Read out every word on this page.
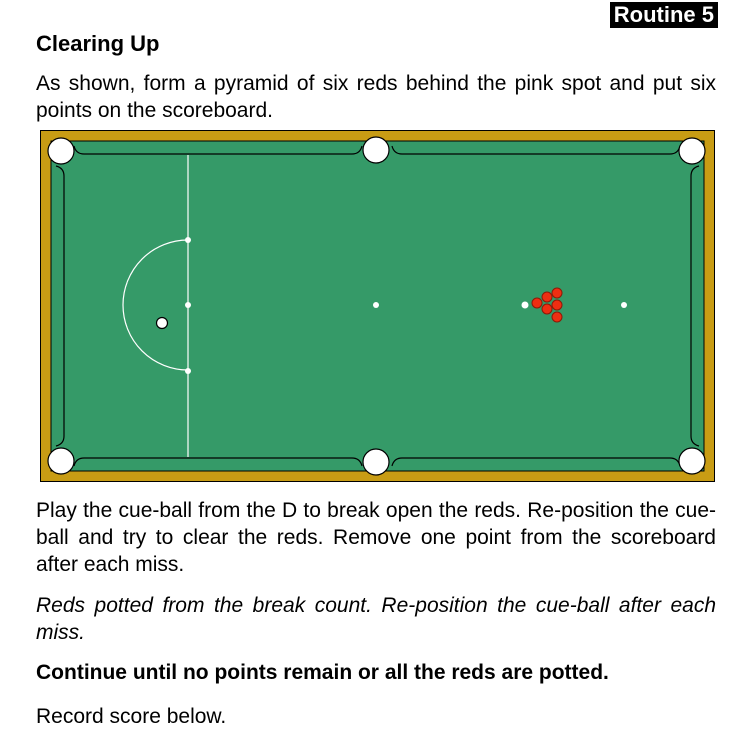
Routine 5
Clearing Up
As shown, form a pyramid of six reds behind the pink spot and put six points on the scoreboard.
Play the cue-ball from the D to break open the reds. Re-position the cue-ball and try to clear the reds. Remove one point from the scoreboard after each miss.
Reds potted from the break count. Re-position the cue-ball after each miss.
Continue until no points remain or all the reds are potted.
Record score below.
